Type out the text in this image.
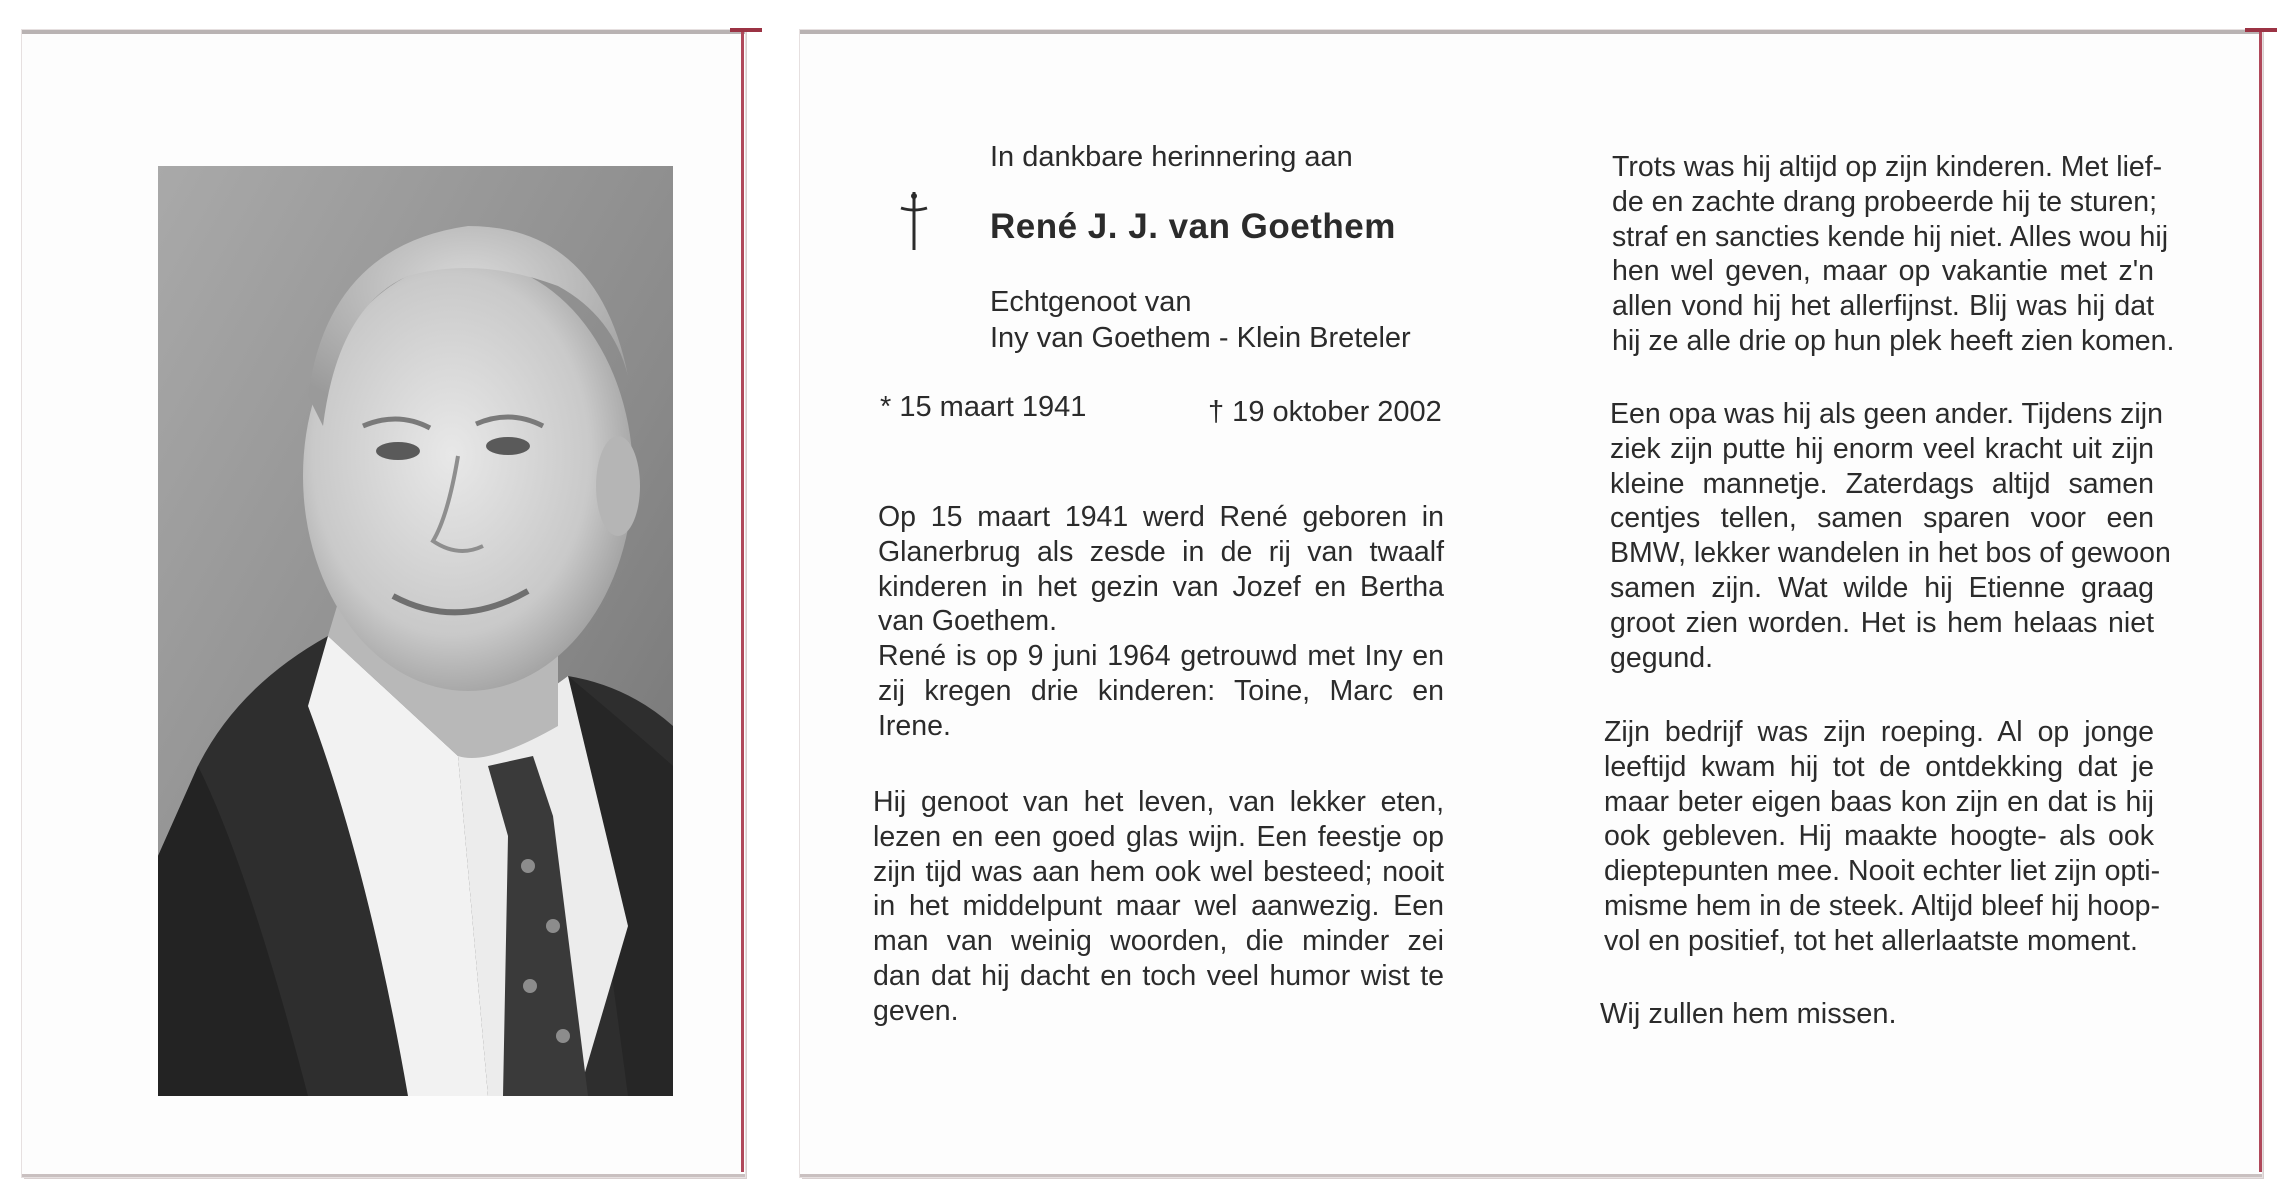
In dankbare herinnering aan
René J. J. van Goethem
Echtgenoot van
Iny van Goethem - Klein Breteler
* 15 maart 1941	† 19 oktober 2002
Op 15 maart 1941 werd René geboren in
Glanerbrug als zesde in de rij van twaalf
kinderen in het gezin van Jozef en Bertha
van Goethem.
René is op 9 juni 1964 getrouwd met Iny en
zij kregen drie kinderen: Toine, Marc en
Irene.
Hij genoot van het leven, van lekker eten,
lezen en een goed glas wijn. Een feestje op
zijn tijd was aan hem ook wel besteed; nooit
in het middelpunt maar wel aanwezig. Een
man van weinig woorden, die minder zei
dan dat hij dacht en toch veel humor wist te
geven.
Trots was hij altijd op zijn kinderen. Met lief-
de en zachte drang probeerde hij te sturen;
straf en sancties kende hij niet. Alles wou hij
hen wel geven, maar op vakantie met z'n
allen vond hij het allerfijnst. Blij was hij dat
hij ze alle drie op hun plek heeft zien komen.
Een opa was hij als geen ander. Tijdens zijn
ziek zijn putte hij enorm veel kracht uit zijn
kleine mannetje. Zaterdags altijd samen
centjes tellen, samen sparen voor een
BMW, lekker wandelen in het bos of gewoon
samen zijn. Wat wilde hij Etienne graag
groot zien worden. Het is hem helaas niet
gegund.
Zijn bedrijf was zijn roeping. Al op jonge
leeftijd kwam hij tot de ontdekking dat je
maar beter eigen baas kon zijn en dat is hij
ook gebleven. Hij maakte hoogte- als ook
dieptepunten mee. Nooit echter liet zijn opti-
misme hem in de steek. Altijd bleef hij hoop-
vol en positief, tot het allerlaatste moment.
Wij zullen hem missen.
